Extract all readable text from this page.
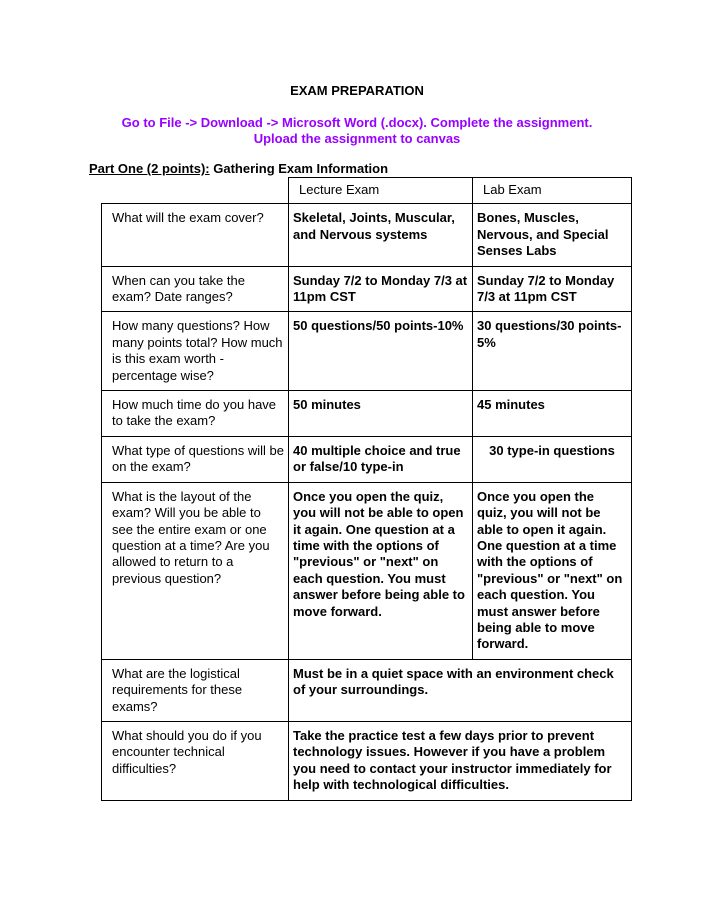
EXAM PREPARATION
Go to File -> Download -> Microsoft Word (.docx). Complete the assignment.
Upload the assignment to canvas
Part One (2 points): Gathering Exam Information
	Lecture Exam	Lab Exam
What will the exam cover?	Skeletal, Joints, Muscular, and Nervous systems	Bones, Muscles, Nervous, and Special Senses Labs
When can you take the exam? Date ranges?	Sunday 7/2 to Monday 7/3 at 11pm CST	Sunday 7/2 to Monday 7/3 at 11pm CST
How many questions? How many points total? How much is this exam worth - percentage wise?	50 questions/50 points-10%	30 questions/30 points- 5%
How much time do you have to take the exam?	50 minutes	45 minutes
What type of questions will be on the exam?	40 multiple choice and true or false/10 type-in	30 type-in questions
What is the layout of the exam? Will you be able to see the entire exam or one question at a time? Are you allowed to return to a previous question?	Once you open the quiz, you will not be able to open it again. One question at a time with the options of "previous" or "next" on each question. You must answer before being able to move forward.	Once you open the quiz, you will not be able to open it again. One question at a time with the options of "previous" or "next" on each question. You must answer before being able to move forward.
What are the logistical requirements for these exams?	Must be in a quiet space with an environment check of your surroundings.	
What should you do if you encounter technical difficulties?	Take the practice test a few days prior to prevent technology issues. However if you have a problem you need to contact your instructor immediately for help with technological difficulties.	
